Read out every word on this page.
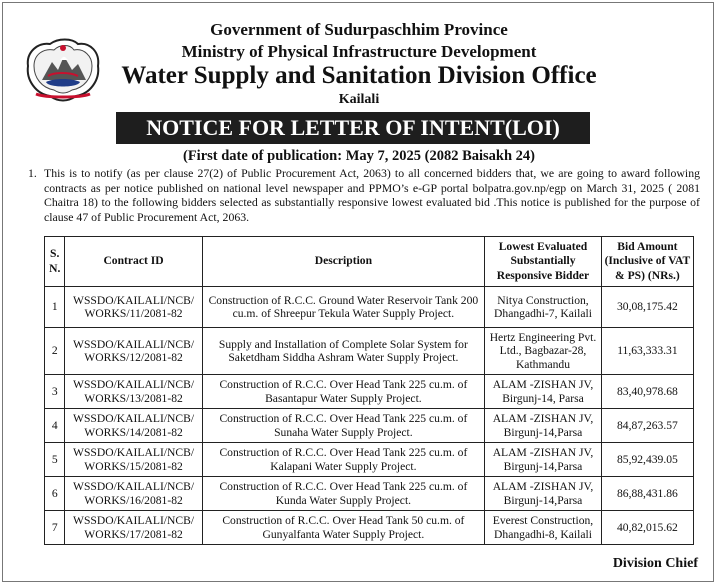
Government of Sudurpaschhim Province
Ministry of Physical Infrastructure Development
Water Supply and Sanitation Division Office
Kailali
NOTICE FOR LETTER OF INTENT(LOI)
(First date of publication: May 7, 2025 (2082 Baisakh 24)
1. This is to notify (as per clause 27(2) of Public Procurement Act, 2063) to all concerned bidders that, we are going to award following contracts as per notice published on national level newspaper and PPMO’s e-GP portal bolpatra.gov.np/egp on March 31, 2025 ( 2081 Chaitra 18) to the following bidders selected as substantially responsive lowest evaluated bid .This notice is published for the purpose of clause 47 of Public Procurement Act, 2063.
S. N.	Contract ID	Description	Lowest Evaluated Substantially Responsive Bidder	Bid Amount (Inclusive of VAT & PS) (NRs.)
1	WSSDO/KAILALI/NCB/ WORKS/11/2081-82	Construction of R.C.C. Ground Water Reservoir Tank 200 cu.m. of Shreepur Tekula Water Supply Project.	Nitya Construction, Dhangadhi-7, Kailali	30,08,175.42
2	WSSDO/KAILALI/NCB/ WORKS/12/2081-82	Supply and Installation of Complete Solar System for Saketdham Siddha Ashram Water Supply Project.	Hertz Engineering Pvt. Ltd., Bagbazar-28, Kathmandu	11,63,333.31
3	WSSDO/KAILALI/NCB/ WORKS/13/2081-82	Construction of R.C.C. Over Head Tank 225 cu.m. of Basantapur Water Supply Project.	ALAM -ZISHAN JV, Birgunj-14, Parsa	83,40,978.68
4	WSSDO/KAILALI/NCB/ WORKS/14/2081-82	Construction of R.C.C. Over Head Tank 225 cu.m. of Sunaha Water Supply Project.	ALAM -ZISHAN JV, Birgunj-14,Parsa	84,87,263.57
5	WSSDO/KAILALI/NCB/ WORKS/15/2081-82	Construction of R.C.C. Over Head Tank 225 cu.m. of Kalapani Water Supply Project.	ALAM -ZISHAN JV, Birgunj-14,Parsa	85,92,439.05
6	WSSDO/KAILALI/NCB/ WORKS/16/2081-82	Construction of R.C.C. Over Head Tank 225 cu.m. of Kunda Water Supply Project.	ALAM -ZISHAN JV, Birgunj-14,Parsa	86,88,431.86
7	WSSDO/KAILALI/NCB/ WORKS/17/2081-82	Construction of R.C.C. Over Head Tank 50 cu.m. of Gunyalfanta Water Supply Project.	Everest Construction, Dhangadhi-8, Kailali	40,82,015.62
Division Chief
